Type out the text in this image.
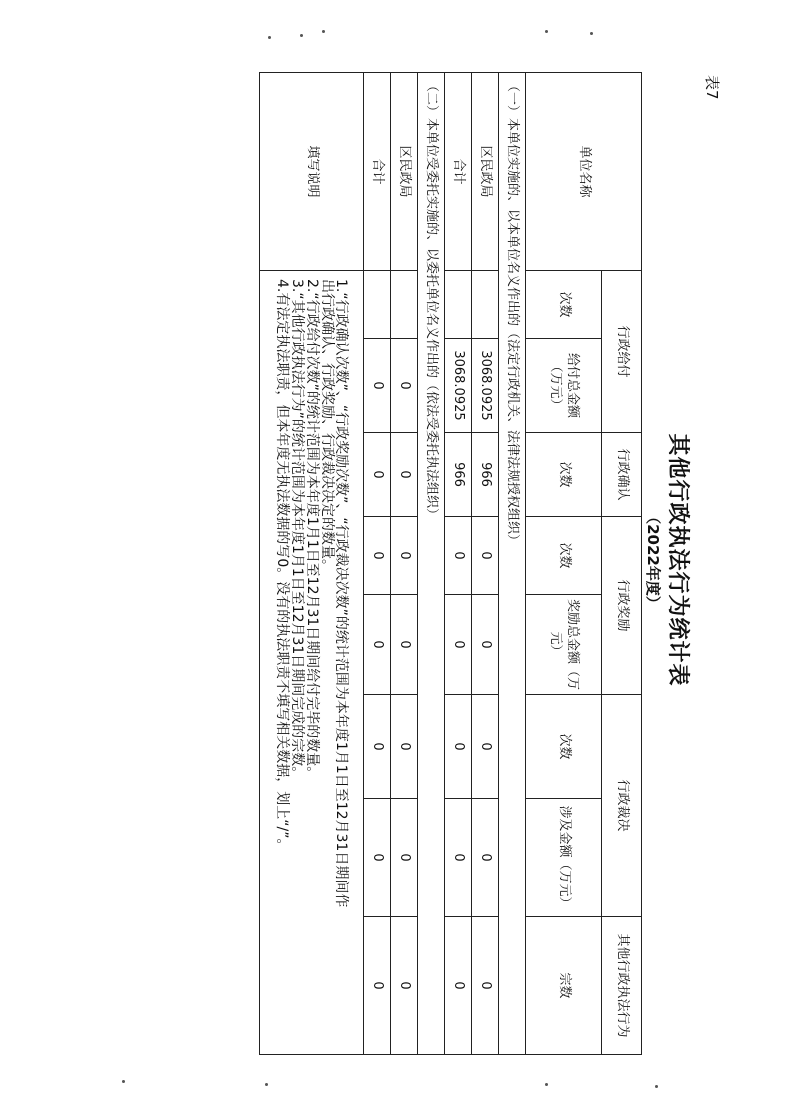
表7
其他行政执法行为统计表
（2022年度）
单位名称	行政给付		行政确认	行政奖励		行政裁决		其他行政执法行为
	次数	给付总金额（万元）	次数	次数	奖励总金额（万元）	次数	涉及金额（万元）	宗数
（一）本单位实施的、以本单位名义作出的（法定行政机关、法律法规授权组织）								
区民政局		3068.0925	966	0	0	0	0	0
合计		3068.0925	966	0	0	0	0	0
（二）本单位受委托实施的、以委托单位名义作出的（依法受委托执法组织）								
区民政局		0	0	0	0	0	0	0
合计		0	0	0	0	0	0	0
填写说明	1.“行政确认次数”、“行政奖励次数”、“行政裁决次数”的统计范围为本年度1月1日至12月31日期间作
出行政确认、行政奖励、行政裁决决定的数量。
2.“行政给付次数”的统计范围为本年度1月1日至12月31日期间给付完毕的数量。
3.“其他行政执法行为”的统计范围为本年度1月1日至12月31日期间完成的宗数。
4.有法定执法职责，但本年度无执法数据的写0。没有的执法职责不填写相关数据，划上“/”。							
